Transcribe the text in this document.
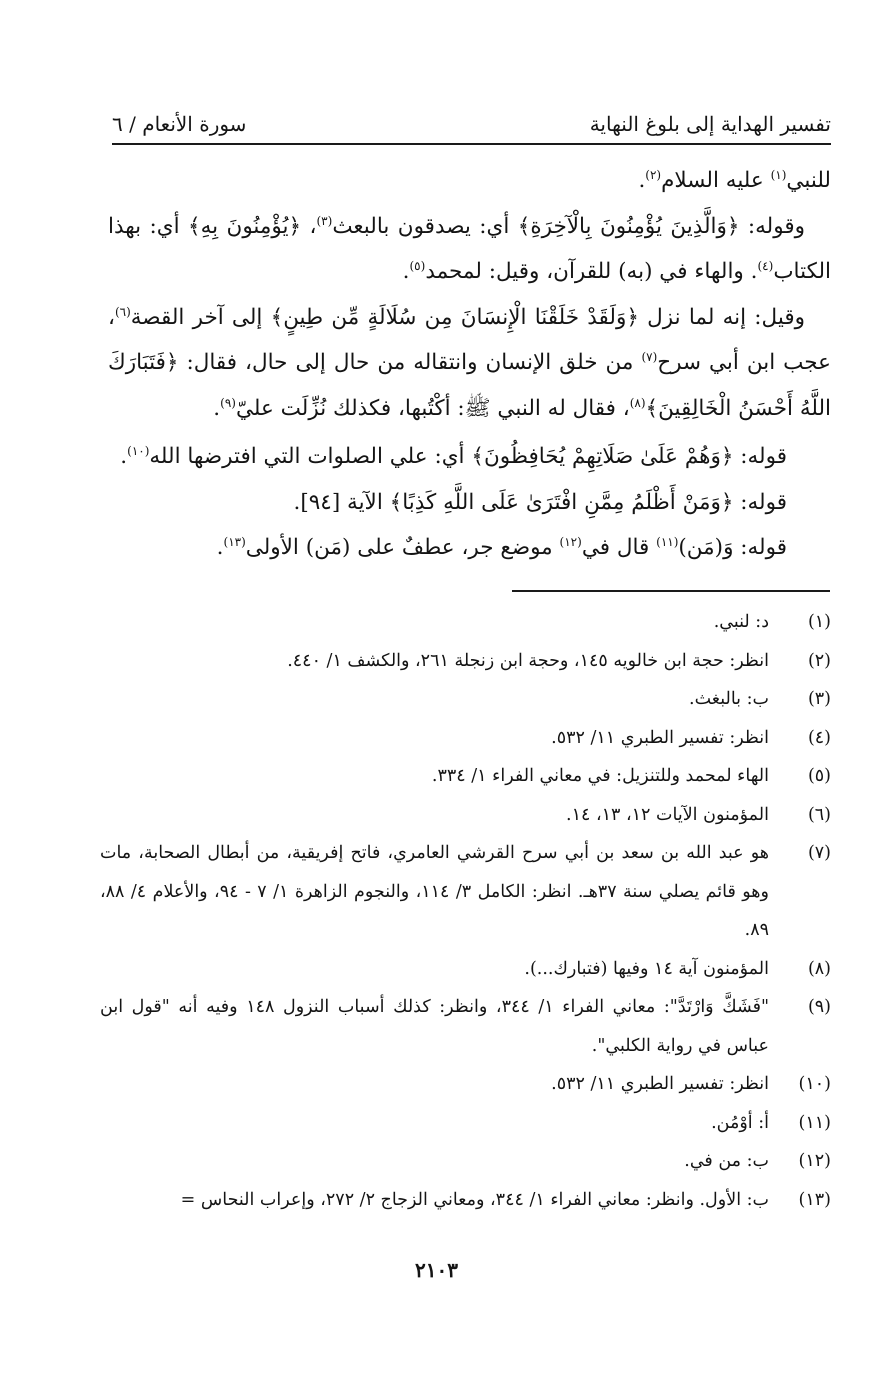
تفسير الهداية إلى بلوغ النهاية
سورة الأنعام / ٦

للنبي$^{(١)}$ عليه السلام$^{(٢)}$.

وقوله: ﴿وَالَّذِينَ يُؤْمِنُونَ بِالْآخِرَةِ﴾ أي: يصدقون بالبعث$^{(٣)}$، ﴿يُؤْمِنُونَ بِهِ﴾ أي: بهذا الكتاب$^{(٤)}$. والهاء في (به) للقرآن، وقيل: لمحمد$^{(٥)}$.

وقيل: إنه لما نزل ﴿وَلَقَدْ خَلَقْنَا الْإِنسَانَ مِن سُلَالَةٍ مِّن طِينٍ﴾ إلى آخر القصة$^{(٦)}$، عجب ابن أبي سرح$^{(٧)}$ من خلق الإنسان وانتقاله من حال إلى حال، فقال: ﴿فَتَبَارَكَ اللَّهُ أَحْسَنُ الْخَالِقِينَ﴾$^{(٨)}$، فقال له النبي ﷺ: أكْتُبها، فكذلك نُزِّلَت عليّ$^{(٩)}$.

قوله: ﴿وَهُمْ عَلَىٰ صَلَاتِهِمْ يُحَافِظُونَ﴾ أي: علي الصلوات التي افترضها الله$^{(١٠)}$.

قوله: ﴿وَمَنْ أَظْلَمُ مِمَّنِ افْتَرَىٰ عَلَى اللَّهِ كَذِبًا﴾ الآية [٩٤].

قوله: وَ(مَن)$^{(١١)}$ قال في$^{(١٢)}$ موضع جر، عطفٌ على (مَن) الأولى$^{(١٣)}$.

(١)
د: لنبي.
(٢)
انظر: حجة ابن خالويه ١٤٥، وحجة ابن زنجلة ٢٦١، والكشف ١/ ٤٤٠.
(٣)
ب: بالبغث.
(٤)
انظر: تفسير الطبري ١١/ ٥٣٢.
(٥)
الهاء لمحمد وللتنزيل: في معاني الفراء ١/ ٣٣٤.
(٦)
المؤمنون الآيات ١٢، ١٣، ١٤.
(٧)
هو عبد الله بن سعد بن أبي سرح القرشي العامري، فاتح إفريقية، من أبطال الصحابة، مات وهو قائم يصلي سنة ٣٧هـ. انظر: الكامل ٣/ ١١٤، والنجوم الزاهرة ١/ ٧ - ٩٤، والأعلام ٤/ ٨٨، ٨٩.
(٨)
المؤمنون آية ١٤ وفيها (فتبارك...).
(٩)
"فَشَكَّ وَارْتَدَّ": معاني الفراء ١/ ٣٤٤، وانظر: كذلك أسباب النزول ١٤٨ وفيه أنه "قول ابن عباس في رواية الكلبي".
(١٠)
انظر: تفسير الطبري ١١/ ٥٣٢.
(١١)
أ: أوْمُن.
(١٢)
ب: من في.
(١٣)
ب: الأول. وانظر: معاني الفراء ١/ ٣٤٤، ومعاني الزجاج ٢/ ٢٧٢، وإعراب النحاس =
٢١٠٣
